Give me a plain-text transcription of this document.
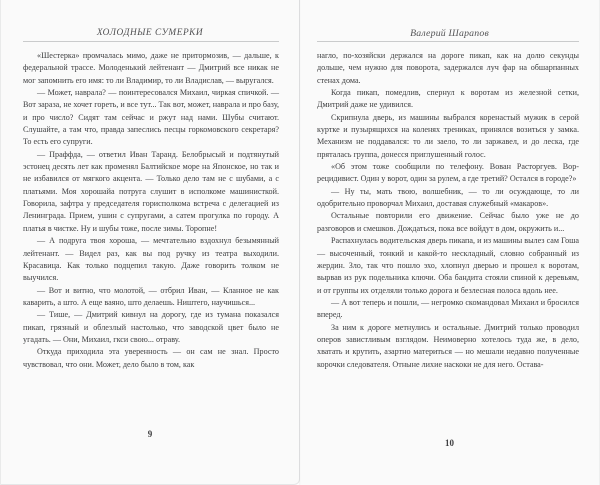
ХОЛОДНЫЕ СУМЕРКИ

«Шестерка» промчалась мимо, даже не притормозив, — дальше, к федеральной трассе. Молоденький лейтенант — Дмитрий все никак не мог запомнить его имя: то ли Владимир, то ли Владислав, — выругался.

— Может, наврала? — поинтересовался Михаил, чиркая спичкой. — Вот зараза, не хочет гореть, и все тут... Так вот, может, наврала и про базу, и про число? Сидят там сейчас и ржут над нами. Шубы считают. Слушайте, а там что, правда запеслись песцы горкомовского секретаря? То есть его супруги.

— Праффда, — ответил Иван Таранд. Белобрысый и подтянутый эстонец десять лет как променял Балтийское море на Японское, но так и не избавился от мягкого акцента. — Только дело там не с шубами, а с платьями. Моя хорошайа потруга слушит в исполкоме машинисткой. Говорила, зафтра у председателя горисполкома встреча с делегацией из Ленинграда. Прием, ушин с супругами, а сатем прогулка по городу. А платья в чистке. Ну и шубы тоже, после зимы. Торопне!

— А подруга твоя хороша, — мечтательно вздохнул безымянный лейтенант. — Видел раз, как вы под ручку из театра выходили. Красавица. Как только подцепил такую. Даже говорить толком не выучился.

— Вот и витно, что молотой, — отбрил Иван, — Кланное не как каварить, а што. А еще ваяно, што делаешь. Ништего, научишься...

— Тише, — Дмитрий кивнул на дорогу, где из тумана показался пикап, грязный и облезлый настолько, что заводской цвет было не угадать. — Они, Михаил, гкси свою... отраву.

Откуда приходила эта уверенность — он сам не знал. Просто чувствовал, что они. Может, дело было в том, как

9
Валерий Шарапов

нагло, по-хозяйски держался на дороге пикап, как на долю секунды дольше, чем нужно для поворота, задержался луч фар на обшарпанных стенах дома.

Когда пикап, помедлив, спернул к воротам из железной сетки, Дмитрий даже не удивился.

Скрипнула дверь, из машины выбрался коренастый мужик в серой куртке и пузырящихся на коленях трениках, принялся возиться у замка. Механизм не поддавался: то ли заело, то ли заржавел, и до леска, где пряталась группа, донесся приглушенный голос.

«Об этом тоже сообщили по телефону. Вован Расторгуев. Вор-рецидивист. Один у ворот, один за рулем, а где третий? Остался в городе?»

— Ну ты, мать твою, волшебник, — то ли осуждающе, то ли одобрительно проворчал Михаил, доставая служебный «макаров».

Остальные повторили его движение. Сейчас было уже не до разговоров и смешков. Дождаться, пока все войдут в дом, окружить и...

Распахнулась водительская дверь пикапа, и из машины вылез сам Гоша — высоченный, тонкий и какой-то нескладный, словно собранный из жердин. Зло, так что пошло эхо, хлопнул дверью и прошел к воротам, вырвав из рук подельника ключи. Оба бандита стояли спиной к деревьям, и от группы их отделяли только дорога и безлесная полоса вдоль нее.

— А вот теперь и пошли, — негромко скомандовал Михаил и бросился вперед.

За ним к дороге метнулись и остальные. Дмитрий только проводил оперов завистливым взглядом. Неимоверно хотелось туда же, в дело, хватать и крутить, азартно материться — но мешали недавно полученные корочки следователя. Отныне лихие наскоки не для него. Остава-

10
